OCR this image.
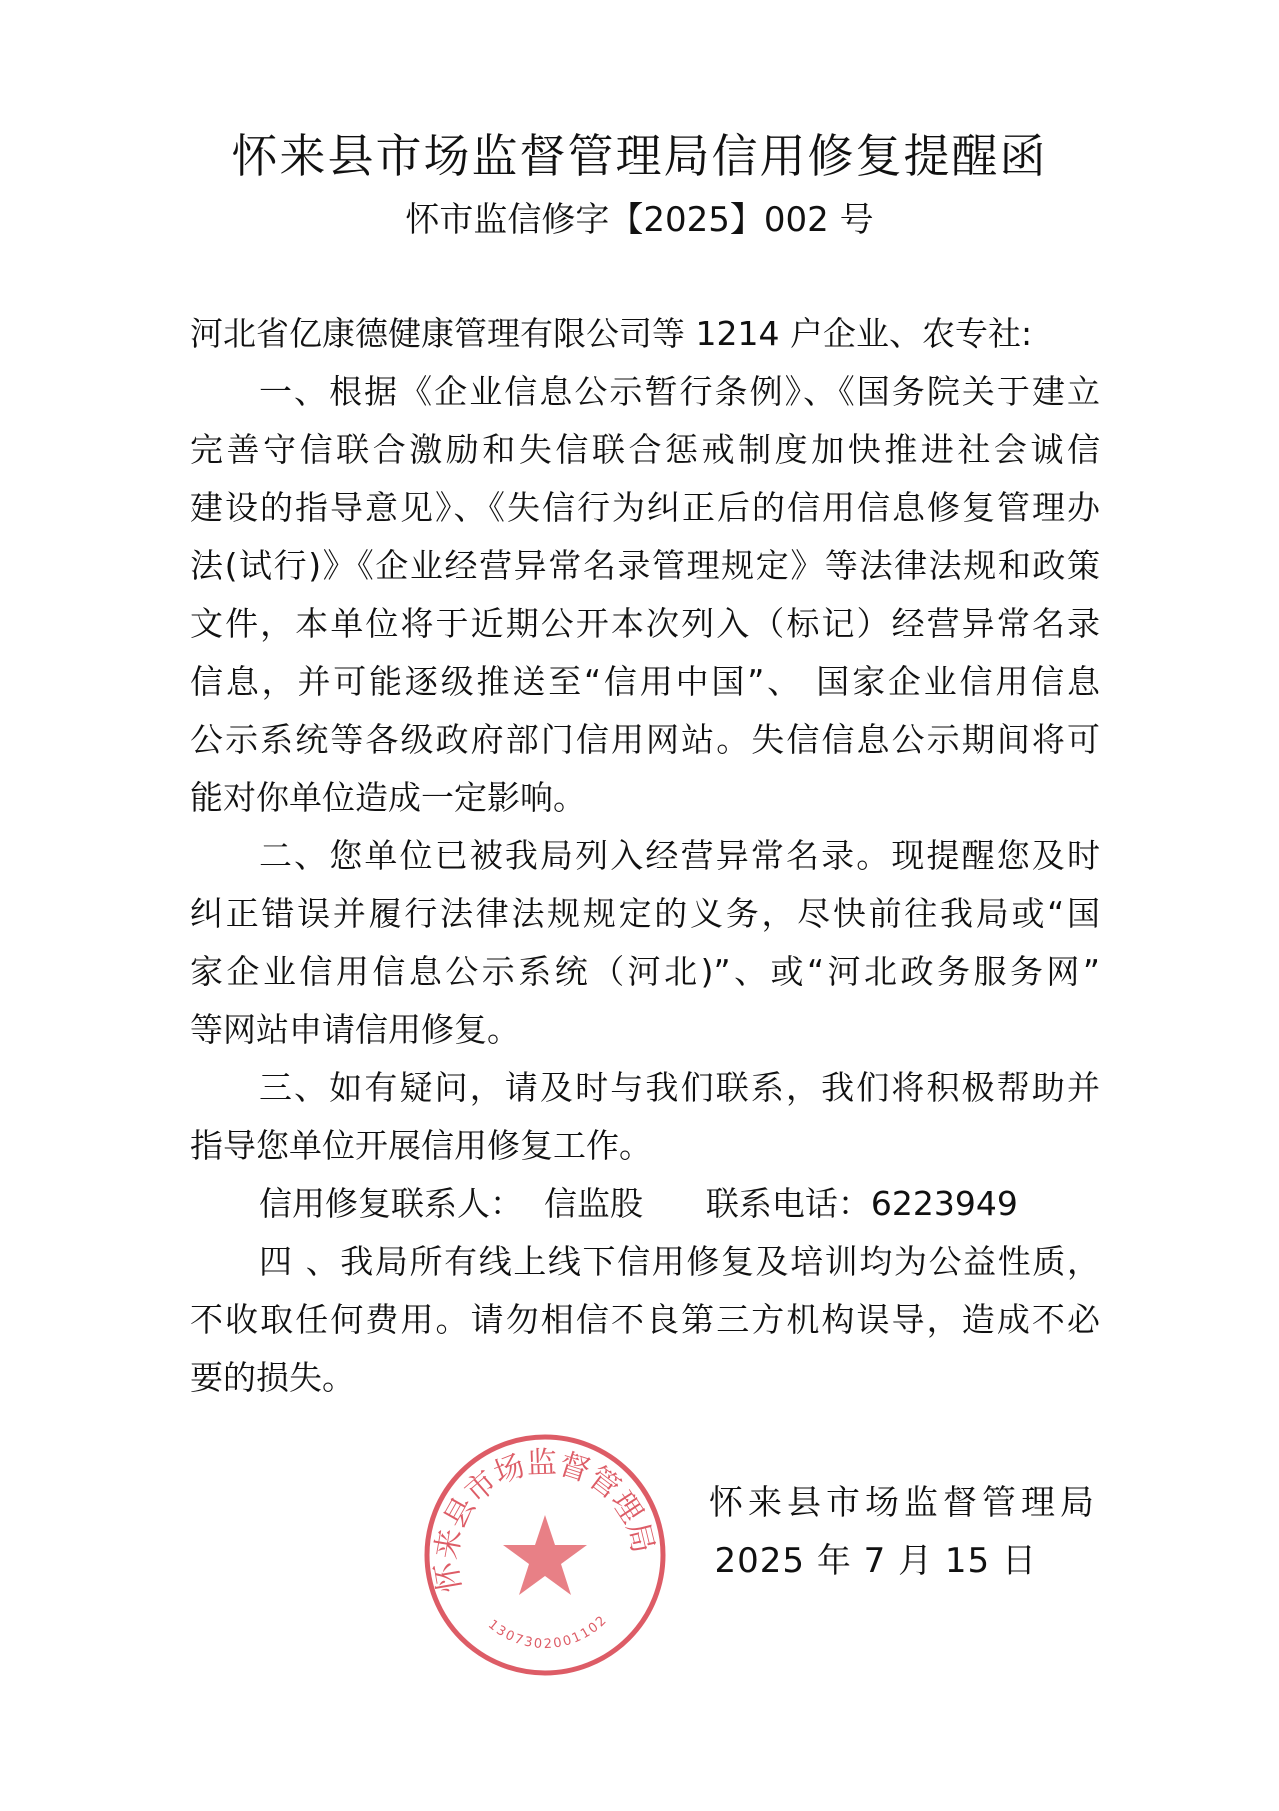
怀来县市场监督管理局信用修复提醒函
怀市监信修字【2025】002 号
河北省亿康德健康管理有限公司等 1214 户企业、农专社:
一、根据《企业信息公示暂行条例》、《国务院关于建立
完善守信联合激励和失信联合惩戒制度加快推进社会诚信
建设的指导意见》、《失信行为纠正后的信用信息修复管理办
法(试行)》《企业经营异常名录管理规定》等法律法规和政策
文件，本单位将于近期公开本次列入（标记）经营异常名录
信息，并可能逐级推送至“信用中国”、 国家企业信用信息
公示系统等各级政府部门信用网站。失信信息公示期间将可
能对你单位造成一定影响。
二、您单位已被我局列入经营异常名录。现提醒您及时
纠正错误并履行法律法规规定的义务，尽快前往我局或“国
家企业信用信息公示系统（河北)”、或“河北政务服务网”
等网站申请信用修复。
三、如有疑问，请及时与我们联系，我们将积极帮助并
指导您单位开展信用修复工作。
信用修复联系人：  信监股      联系电话：6223949
四 、我局所有线上线下信用修复及培训均为公益性质，
不收取任何费用。请勿相信不良第三方机构误导，造成不必
要的损失。
怀来县市场监督管理局
1307302001102
怀来县市场监督管理局
2025 年 7 月 15 日
